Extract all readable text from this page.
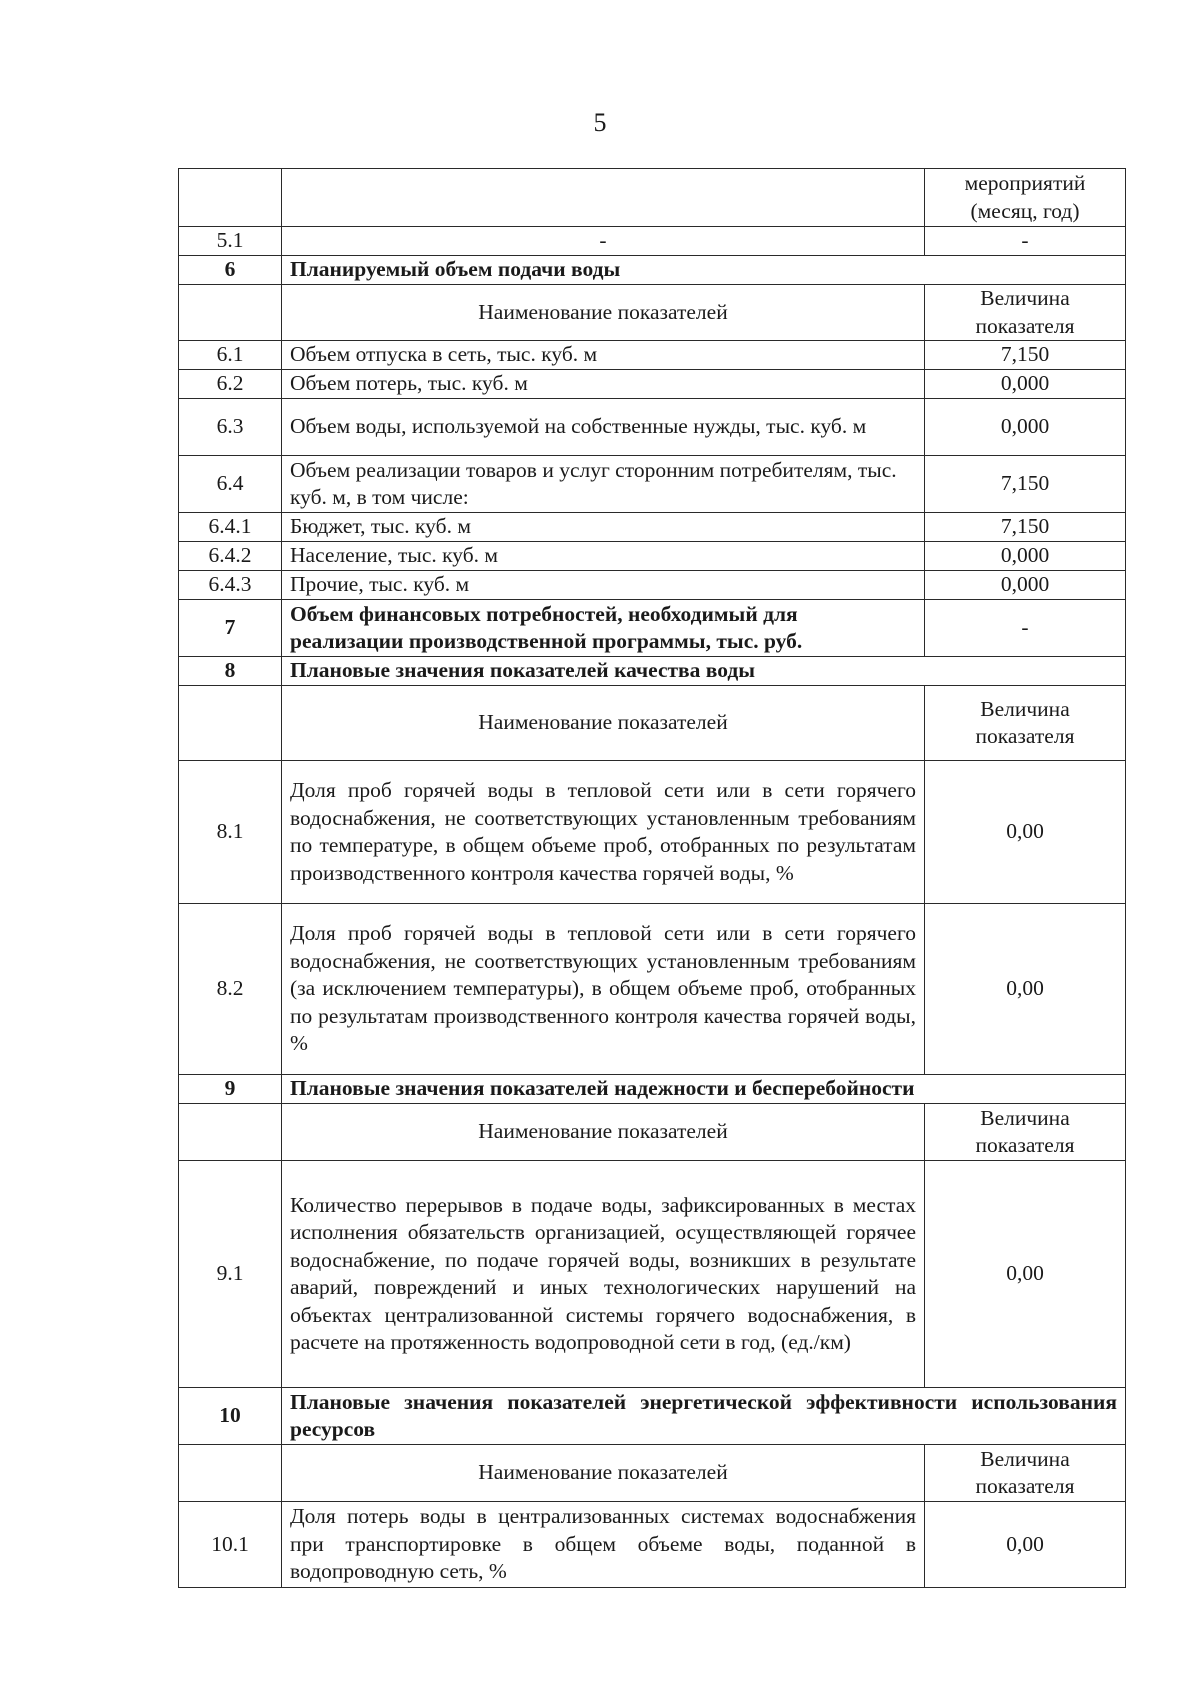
5
		мероприятий (месяц, год)
5.1	-	-
6	Планируемый объем подачи воды	
	Наименование показателей	Величина показателя
6.1	Объем отпуска в сеть, тыс. куб. м	7,150
6.2	Объем потерь, тыс. куб. м	0,000
6.3	Объем воды, используемой на собственные нужды, тыс. куб. м	0,000
6.4	Объем реализации товаров и услуг сторонним потребителям, тыс. куб. м, в том числе:	7,150
6.4.1	Бюджет, тыс. куб. м	7,150
6.4.2	Население, тыс. куб. м	0,000
6.4.3	Прочие, тыс. куб. м	0,000
7	Объем финансовых потребностей, необходимый для реализации производственной программы, тыс. руб.	-
8	Плановые значения показателей качества воды	
	Наименование показателей	Величина показателя
8.1	Доля проб горячей воды в тепловой сети или в сети горячего водоснабжения, не соответствующих установленным требованиям по температуре, в общем объеме проб, отобранных по результатам производственного контроля качества горячей воды, %	0,00
8.2	Доля проб горячей воды в тепловой сети или в сети горячего водоснабжения, не соответствующих установленным требованиям (за исключением температуры), в общем объеме проб, отобранных по результатам производственного контроля качества горячей воды, %	0,00
9	Плановые значения показателей надежности и бесперебойности	
	Наименование показателей	Величина показателя
9.1	Количество перерывов в подаче воды, зафиксированных в местах исполнения обязательств организацией, осуществляющей горячее водоснабжение, по подаче горячей воды, возникших в результате аварий, повреждений и иных технологических нарушений на объектах централизованной системы горячего водоснабжения, в расчете на протяженность водопроводной сети в год, (ед./км)	0,00
10	Плановые значения показателей энергетической эффективности использования ресурсов	
	Наименование показателей	Величина показателя
10.1	Доля потерь воды в централизованных системах водоснабжения при транспортировке в общем объеме воды, поданной в водопроводную сеть, %	0,00
